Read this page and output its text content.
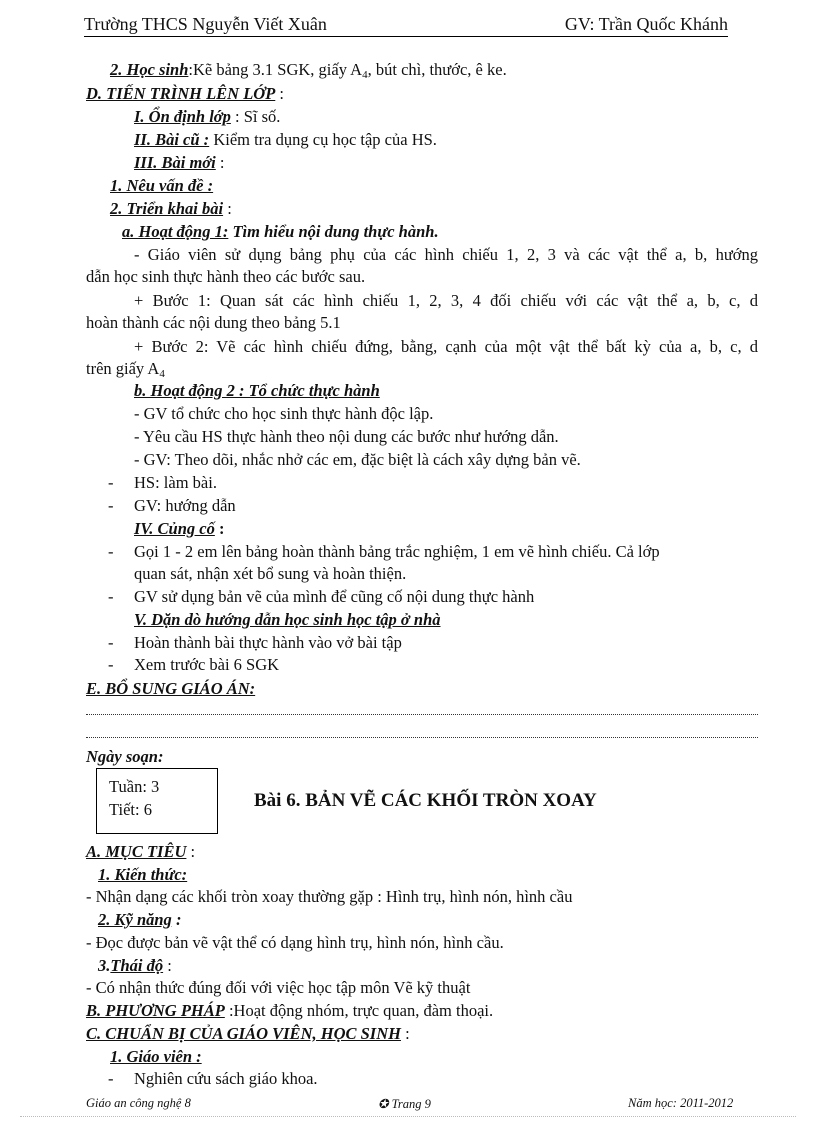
Trường THCS Nguyễn Viết Xuân	GV: Trần Quốc Khánh
2. Học sinh:Kẽ bảng 3.1 SGK, giấy $A_4$, bút chì, thước, ê ke.
D. TIẾN TRÌNH LÊN LỚP :
I. Ổn định lớp : Sĩ số.
II. Bài cũ : Kiểm tra dụng cụ học tập của HS.
III. Bài mới :
1. Nêu vấn đề :
2. Triển khai bài :
a. Hoạt động 1: Tìm hiểu nội dung thực hành.
- Giáo viên sử dụng bảng phụ của các hình chiếu 1, 2, 3 và các vật thể a, b, hướng
dẫn học sinh thực hành theo các bước sau.
+ Bước 1: Quan sát các hình chiếu 1, 2, 3, 4 đối chiếu với các vật thể a, b, c, d
hoàn thành các nội dung theo bảng 5.1
+ Bước 2: Vẽ các hình chiếu đứng, bằng, cạnh của một vật thể bất kỳ của a, b, c, d
trên giấy $A_4$
b. Hoạt động 2 : Tổ chức thực hành
- GV tổ chức cho học sinh thực hành độc lập.
- Yêu cầu HS thực hành theo nội dung các bước như hướng dẫn.
- GV: Theo dõi, nhắc nhở các em, đặc biệt là cách xây dựng bản vẽ.
- HS: làm bài.
- GV: hướng dẫn
IV. Củng cố :
- Gọi 1 - 2 em lên bảng hoàn thành bảng trắc nghiệm, 1 em vẽ hình chiếu. Cả lớp
quan sát, nhận xét bổ sung và hoàn thiện.
- GV sử dụng bản vẽ của mình để cũng cố nội dung thực hành
V. Dặn dò hướng dẫn học sinh học tập ở nhà
- Hoàn thành bài thực hành vào vở bài tập
- Xem trước bài 6 SGK
E. BỔ SUNG GIÁO ÁN:
Ngày soạn:
Tuần: 3
Tiết: 6	Bài 6. BẢN VẼ CÁC KHỐI TRÒN XOAY
A. MỤC TIÊU :
1. Kiến thức:
- Nhận dạng các khối tròn xoay thường gặp : Hình trụ, hình nón, hình cầu
2. Kỹ năng :
- Đọc được bản vẽ vật thể có dạng hình trụ, hình nón, hình cầu.
3.Thái độ :
- Có nhận thức đúng đối với việc học tập môn Vẽ kỹ thuật
B. PHƯƠNG PHÁP :Hoạt động nhóm, trực quan, đàm thoại.
C. CHUẨN BỊ CỦA GIÁO VIÊN, HỌC SINH :
1. Giáo viên :
- Nghiên cứu sách giáo khoa.
Giáo an công nghệ 8	✪ Trang 9	Năm học: 2011-2012
